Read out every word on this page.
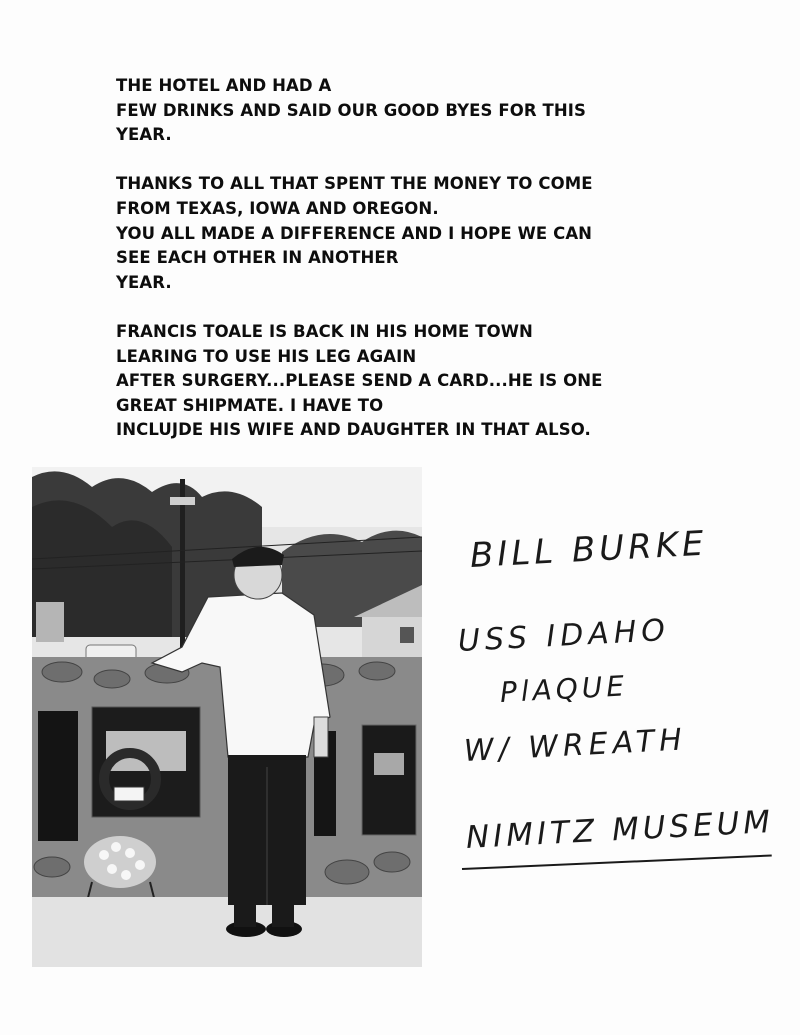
THE HOTEL AND HAD A
FEW DRINKS AND SAID OUR GOOD BYES FOR THIS
YEAR.

THANKS TO ALL THAT SPENT THE MONEY TO COME
FROM TEXAS, IOWA AND OREGON.
YOU ALL MADE A DIFFERENCE AND I HOPE WE CAN
SEE EACH OTHER IN ANOTHER
YEAR.

FRANCIS TOALE IS BACK IN HIS HOME TOWN
LEARING TO USE HIS LEG AGAIN
AFTER SURGERY...PLEASE SEND A CARD...HE IS ONE
GREAT SHIPMATE. I HAVE TO
INCLUJDE HIS WIFE AND DAUGHTER IN THAT ALSO.

BILL BURKE
USS IDAHO
PlAQUE
W/ WREATH
NIMITZ MUSEUM
